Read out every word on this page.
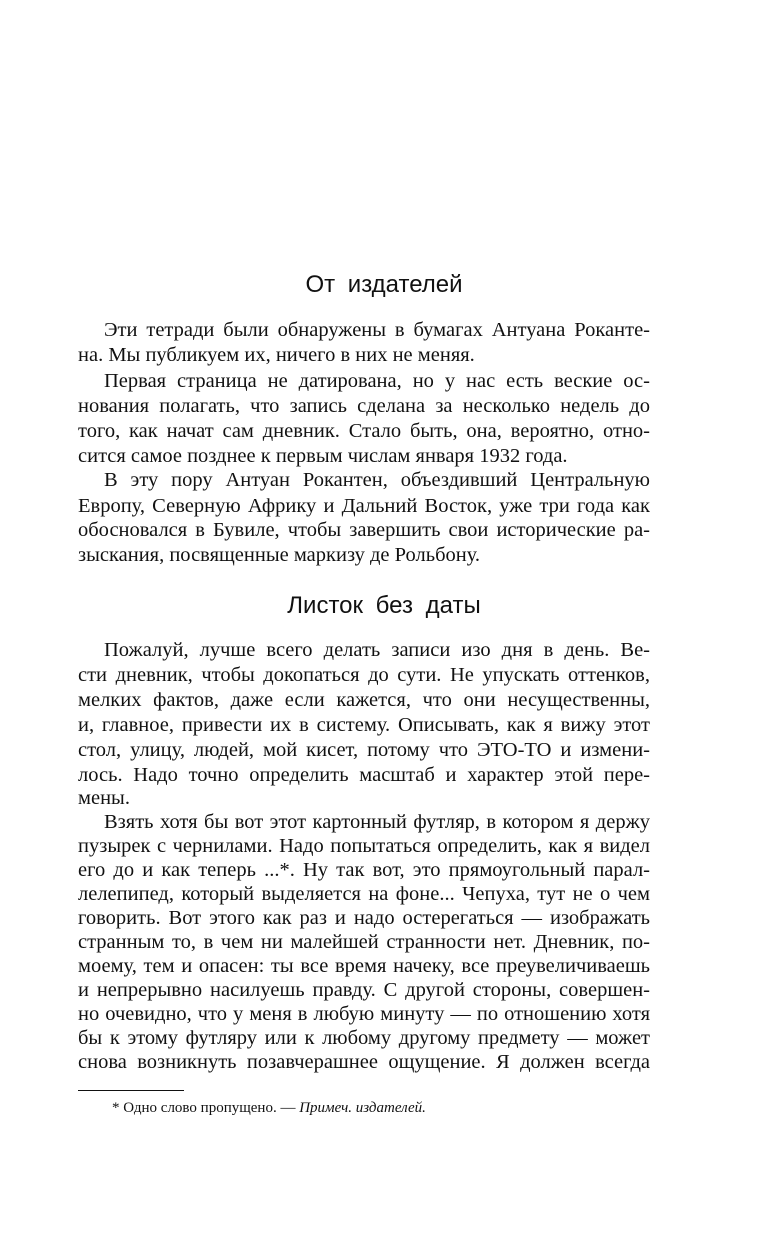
От издателей
Эти тетради были обнаружены в бумагах Антуана Роканте-
на. Мы публикуем их, ничего в них не меняя.
Первая страница не датирована, но у нас есть веские ос-
нования полагать, что запись сделана за несколько недель до
того, как начат сам дневник. Стало быть, она, вероятно, отно-
сится самое позднее к первым числам января 1932 года.
В эту пору Антуан Рокантен, объездивший Центральную
Европу, Северную Африку и Дальний Восток, уже три года как
обосновался в Бувиле, чтобы завершить свои исторические ра-
зыскания, посвященные маркизу де Рольбону.
Листок без даты
Пожалуй, лучше всего делать записи изо дня в день. Ве-
сти дневник, чтобы докопаться до сути. Не упускать оттенков,
мелких фактов, даже если кажется, что они несущественны,
и, главное, привести их в систему. Описывать, как я вижу этот
стол, улицу, людей, мой кисет, потому что ЭТО-ТО и измени-
лось. Надо точно определить масштаб и характер этой пере-
мены.
Взять хотя бы вот этот картонный футляр, в котором я держу
пузырек с чернилами. Надо попытаться определить, как я видел
его до и как теперь ...*. Ну так вот, это прямоугольный парал-
лелепипед, который выделяется на фоне... Чепуха, тут не о чем
говорить. Вот этого как раз и надо остерегаться — изображать
странным то, в чем ни малейшей странности нет. Дневник, по-
моему, тем и опасен: ты все время начеку, все преувеличиваешь
и непрерывно насилуешь правду. С другой стороны, совершен-
но очевидно, что у меня в любую минуту — по отношению хотя
бы к этому футляру или к любому другому предмету — может
снова возникнуть позавчерашнее ощущение. Я должен всегда
* Одно слово пропущено. — Примеч. издателей.
